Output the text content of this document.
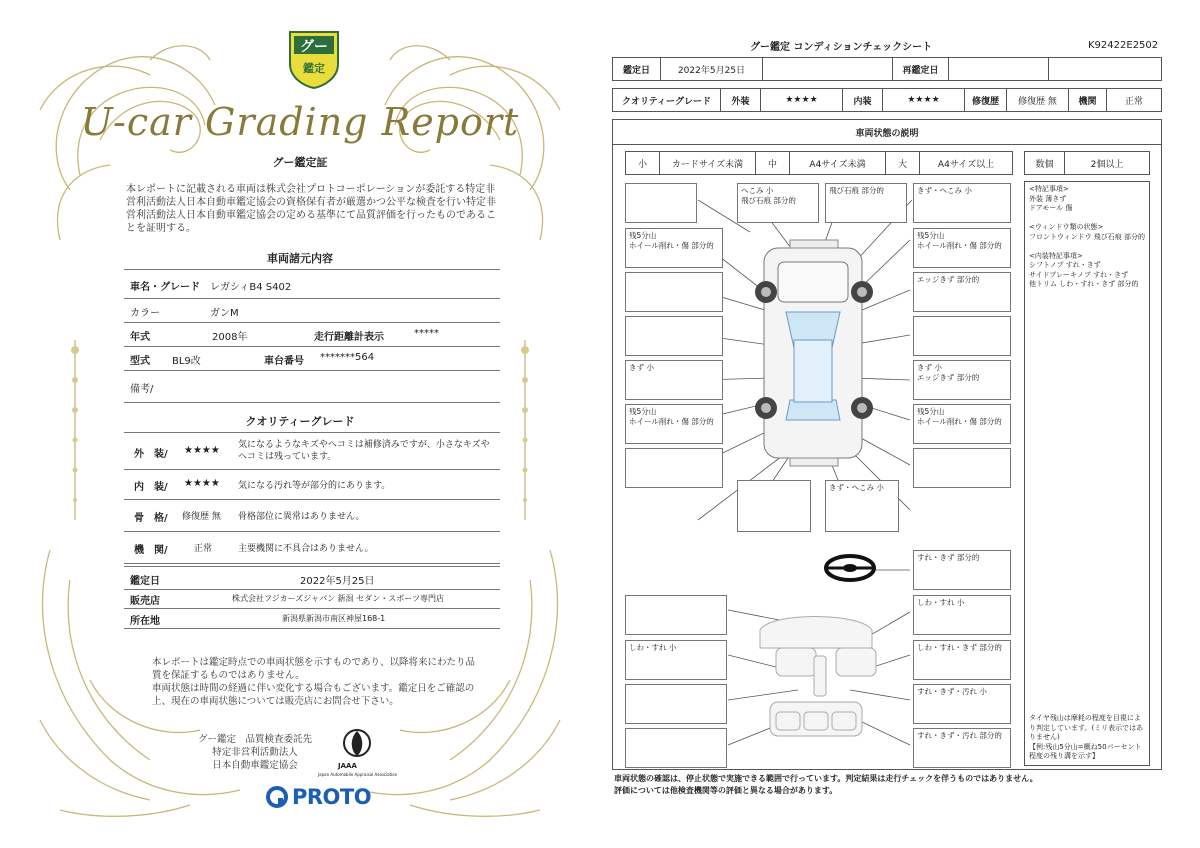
グー
鑑定
U-car Grading Report
グー鑑定証
本レポートに記載される車両は株式会社プロトコーポレーションが委託する特定非営利活動法人日本自動車鑑定協会の資格保有者が厳選かつ公平な検査を行い特定非営利活動法人日本自動車鑑定協会の定める基準にて品質評価を行ったものであることを証明する。
車両諸元内容
車名・グレード レガシィB4 S402
カラー	ガンM
年式	2008年	走行距離計表示	*****
型式 BL9改	車台番号 *******564
備考/
クオリティーグレード
外　装/ ★★★★ 気になるようなキズやヘコミは補修済みですが、小さなキズやヘコミは残っています。
内　装/ ★★★★ 気になる汚れ等が部分的にあります。
骨　格/ 修復歴 無 骨格部位に異常はありません。
機　関/	正常	主要機関に不具合はありません。
鑑定日	2022年5月25日
販売店	株式会社フジカーズジャパン 新潟 セダン・スポーツ専門店
所在地	新潟県新潟市南区神屋168-1
本レポートは鑑定時点での車両状態を示すものであり、以降将来にわたり品質を保証するものではありません。
車両状態は時間の経過に伴い変化する場合もございます。鑑定日をご確認の上、現在の車両状態については販売店にお問合せ下さい。
グー鑑定　品質検査委託先
特定非営利活動法人
日本自動車鑑定協会	JAAA
Japan Automobile Appraisal Association
PROTO
グー鑑定 コンディションチェックシート	K92422E2502
鑑定日	2022年5月25日	再鑑定日
クオリティーグレード	外装	★★★★	内装	★★★★	修復歴	修復歴 無	機関	正常
車両状態の説明
小	カードサイズ未満	中	A4サイズ未満	大	A4サイズ以上	数個	2個以上
<特記事項>
外装 薄きず
ドアモール 傷

<ウィンドウ類の状態>
フロントウィンドウ 飛び石痕 部分的

<内装特記事項>
シフトノブ すれ・きず
サイドブレーキノブ すれ・きず
他トリム しわ・すれ・きず 部分的
タイヤ残山は摩耗の程度を目視により判定しています。(ミリ表示ではありません)
【例:残山5分山=概ね50パーセント程度の残り溝を示す】
へこみ 小
飛び石痕 部分的
飛び石痕 部分的	きず・へこみ 小
残5分山
ホイール削れ・傷 部分的
残5分山
ホイール削れ・傷 部分的
エッジきず 部分的
きず 小	きず 小
エッジきず 部分的
残5分山
ホイール削れ・傷 部分的
残5分山
ホイール削れ・傷 部分的
きず・へこみ 小
すれ・きず 部分的
しわ・すれ 小
しわ・すれ 小	しわ・すれ・きず 部分的
すれ・きず・汚れ 小
すれ・きず・汚れ 部分的
車両状態の確認は、停止状態で実施できる範囲で行っています。判定結果は走行チェックを伴うものではありません。
評価については他検査機関等の評価と異なる場合があります。
